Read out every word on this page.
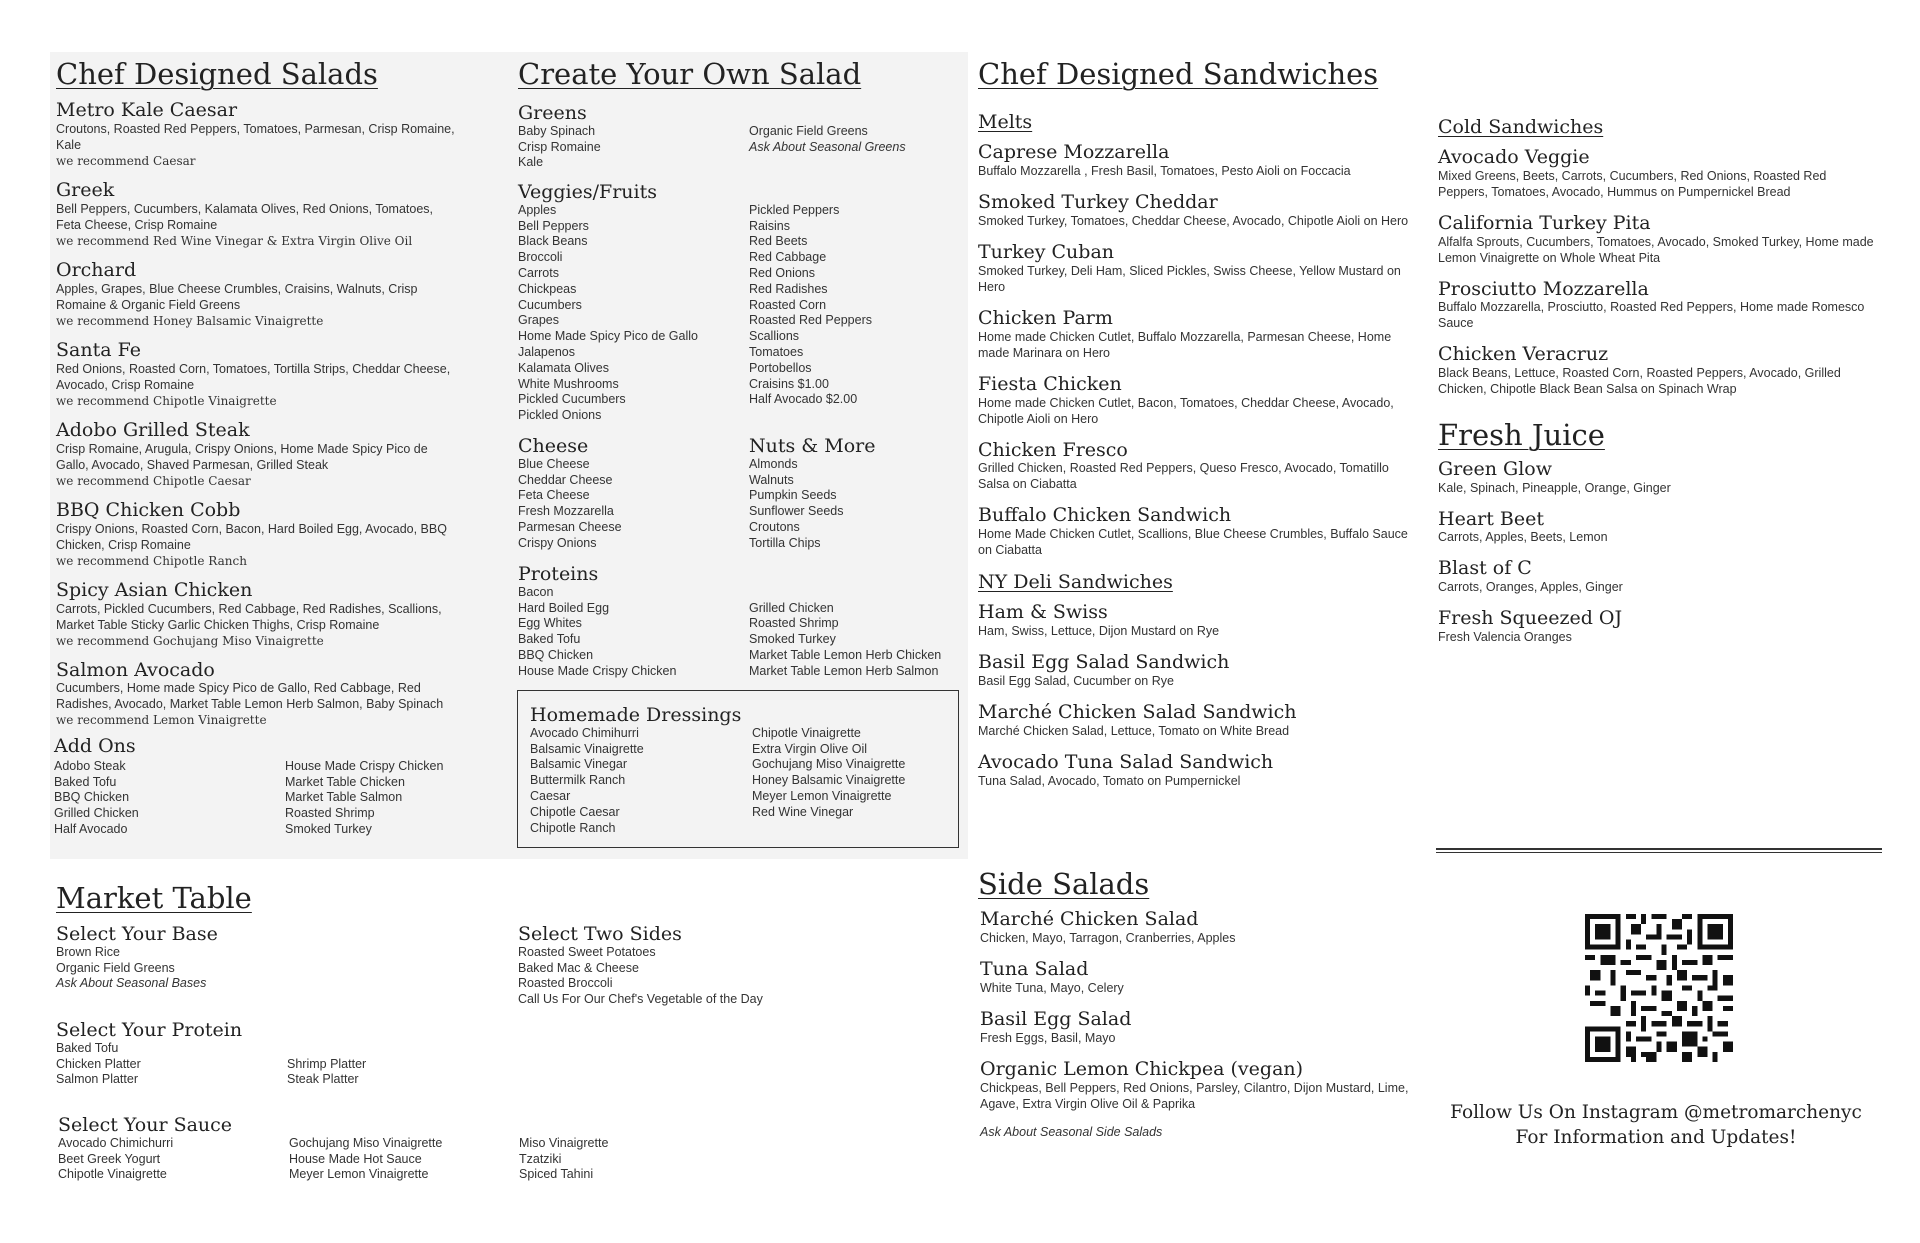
Chef Designed Salads
Metro Kale Caesar
Croutons, Roasted Red Peppers, Tomatoes, Parmesan, Crisp Romaine, Kale
we recommend Caesar
Greek
Bell Peppers, Cucumbers, Kalamata Olives, Red Onions, Tomatoes, Feta Cheese, Crisp Romaine
we recommend Red Wine Vinegar & Extra Virgin Olive Oil
Orchard
Apples, Grapes, Blue Cheese Crumbles, Craisins, Walnuts, Crisp Romaine & Organic Field Greens
we recommend Honey Balsamic Vinaigrette
Santa Fe
Red Onions, Roasted Corn, Tomatoes, Tortilla Strips, Cheddar Cheese, Avocado, Crisp Romaine
we recommend Chipotle Vinaigrette
Adobo Grilled Steak
Crisp Romaine, Arugula, Crispy Onions, Home Made Spicy Pico de Gallo, Avocado, Shaved Parmesan, Grilled Steak
we recommend Chipotle Caesar
BBQ Chicken Cobb
Crispy Onions, Roasted Corn, Bacon, Hard Boiled Egg, Avocado, BBQ Chicken, Crisp Romaine
we recommend Chipotle Ranch
Spicy Asian Chicken
Carrots, Pickled Cucumbers, Red Cabbage, Red Radishes, Scallions, Market Table Sticky Garlic Chicken Thighs, Crisp Romaine
we recommend Gochujang Miso Vinaigrette
Salmon Avocado
Cucumbers, Home made Spicy Pico de Gallo, Red Cabbage, Red Radishes, Avocado, Market Table Lemon Herb Salmon, Baby Spinach
we recommend Lemon Vinaigrette
Add Ons
Adobo Steak
Baked Tofu
BBQ Chicken
Grilled Chicken
Half Avocado
House Made Crispy Chicken
Market Table Chicken
Market Table Salmon
Roasted Shrimp
Smoked Turkey
Create Your Own Salad
Greens
Baby Spinach
Crisp Romaine
Kale
Organic Field Greens
Ask About Seasonal Greens
Veggies/Fruits
Apples
Bell Peppers
Black Beans
Broccoli
Carrots
Chickpeas
Cucumbers
Grapes
Home Made Spicy Pico de Gallo
Jalapenos
Kalamata Olives
White Mushrooms
Pickled Cucumbers
Pickled Onions
Pickled Peppers
Raisins
Red Beets
Red Cabbage
Red Onions
Red Radishes
Roasted Corn
Roasted Red Peppers
Scallions
Tomatoes
Portobellos
Craisins $1.00
Half Avocado $2.00
Cheese
Blue Cheese
Cheddar Cheese
Feta Cheese
Fresh Mozzarella
Parmesan Cheese
Crispy Onions
Nuts & More
Almonds
Walnuts
Pumpkin Seeds
Sunflower Seeds
Croutons
Tortilla Chips
Proteins
Bacon
Hard Boiled Egg
Egg Whites
Baked Tofu
BBQ Chicken
House Made Crispy Chicken
Grilled Chicken
Roasted Shrimp
Smoked Turkey
Market Table Lemon Herb Chicken
Market Table Lemon Herb Salmon
Homemade Dressings
Avocado Chimihurri
Balsamic Vinaigrette
Balsamic Vinegar
Buttermilk Ranch
Caesar
Chipotle Caesar
Chipotle Ranch
Chipotle Vinaigrette
Extra Virgin Olive Oil
Gochujang Miso Vinaigrette
Honey Balsamic Vinaigrette
Meyer Lemon Vinaigrette
Red Wine Vinegar
Market Table
Select Your Base
Brown Rice
Organic Field Greens
Ask About Seasonal Bases
Select Two Sides
Roasted Sweet Potatoes
Baked Mac & Cheese
Roasted Broccoli
Call Us For Our Chef's Vegetable of the Day
Select Your Protein
Baked Tofu
Chicken Platter
Salmon Platter
Shrimp Platter
Steak Platter
Select Your Sauce
Avocado Chimichurri
Beet Greek Yogurt
Chipotle Vinaigrette
Gochujang Miso Vinaigrette
House Made Hot Sauce
Meyer Lemon Vinaigrette
Miso Vinaigrette
Tzatziki
Spiced Tahini
Chef Designed Sandwiches
Melts
Caprese Mozzarella
Buffalo Mozzarella , Fresh Basil, Tomatoes, Pesto Aioli on Foccacia
Smoked Turkey Cheddar
Smoked Turkey, Tomatoes, Cheddar Cheese, Avocado, Chipotle Aioli on Hero
Turkey Cuban
Smoked Turkey, Deli Ham, Sliced Pickles, Swiss Cheese, Yellow Mustard on Hero
Chicken Parm
Home made Chicken Cutlet, Buffalo Mozzarella, Parmesan Cheese, Home made Marinara on Hero
Fiesta Chicken
Home made Chicken Cutlet, Bacon, Tomatoes, Cheddar Cheese, Avocado, Chipotle Aioli on Hero
Chicken Fresco
Grilled Chicken, Roasted Red Peppers, Queso Fresco, Avocado, Tomatillo Salsa on Ciabatta
Buffalo Chicken Sandwich
Home Made Chicken Cutlet, Scallions, Blue Cheese Crumbles, Buffalo Sauce on Ciabatta
NY Deli Sandwiches
Ham & Swiss
Ham, Swiss, Lettuce, Dijon Mustard on Rye
Basil Egg Salad Sandwich
Basil Egg Salad, Cucumber on Rye
Marché Chicken Salad Sandwich
Marché Chicken Salad, Lettuce, Tomato on White Bread
Avocado Tuna Salad Sandwich
Tuna Salad, Avocado, Tomato on Pumpernickel
Cold Sandwiches
Avocado Veggie
Mixed Greens, Beets, Carrots, Cucumbers, Red Onions, Roasted Red Peppers, Tomatoes, Avocado, Hummus on Pumpernickel Bread
California Turkey Pita
Alfalfa Sprouts, Cucumbers, Tomatoes, Avocado, Smoked Turkey, Home made Lemon Vinaigrette on Whole Wheat Pita
Prosciutto Mozzarella
Buffalo Mozzarella, Prosciutto, Roasted Red Peppers, Home made Romesco Sauce
Chicken Veracruz
Black Beans, Lettuce, Roasted Corn, Roasted Peppers, Avocado, Grilled Chicken, Chipotle Black Bean Salsa on Spinach Wrap
Fresh Juice
Green Glow
Kale, Spinach, Pineapple, Orange, Ginger
Heart Beet
Carrots, Apples, Beets, Lemon
Blast of C
Carrots, Oranges, Apples, Ginger
Fresh Squeezed OJ
Fresh Valencia Oranges
Side Salads
Marché Chicken Salad
Chicken, Mayo, Tarragon, Cranberries, Apples
Tuna Salad
White Tuna, Mayo, Celery
Basil Egg Salad
Fresh Eggs, Basil, Mayo
Organic Lemon Chickpea (vegan)
Chickpeas, Bell Peppers, Red Onions, Parsley, Cilantro, Dijon Mustard, Lime, Agave, Extra Virgin Olive Oil & Paprika
Ask About Seasonal Side Salads
Follow Us On Instagram @metromarchenyc
For Information and Updates!
